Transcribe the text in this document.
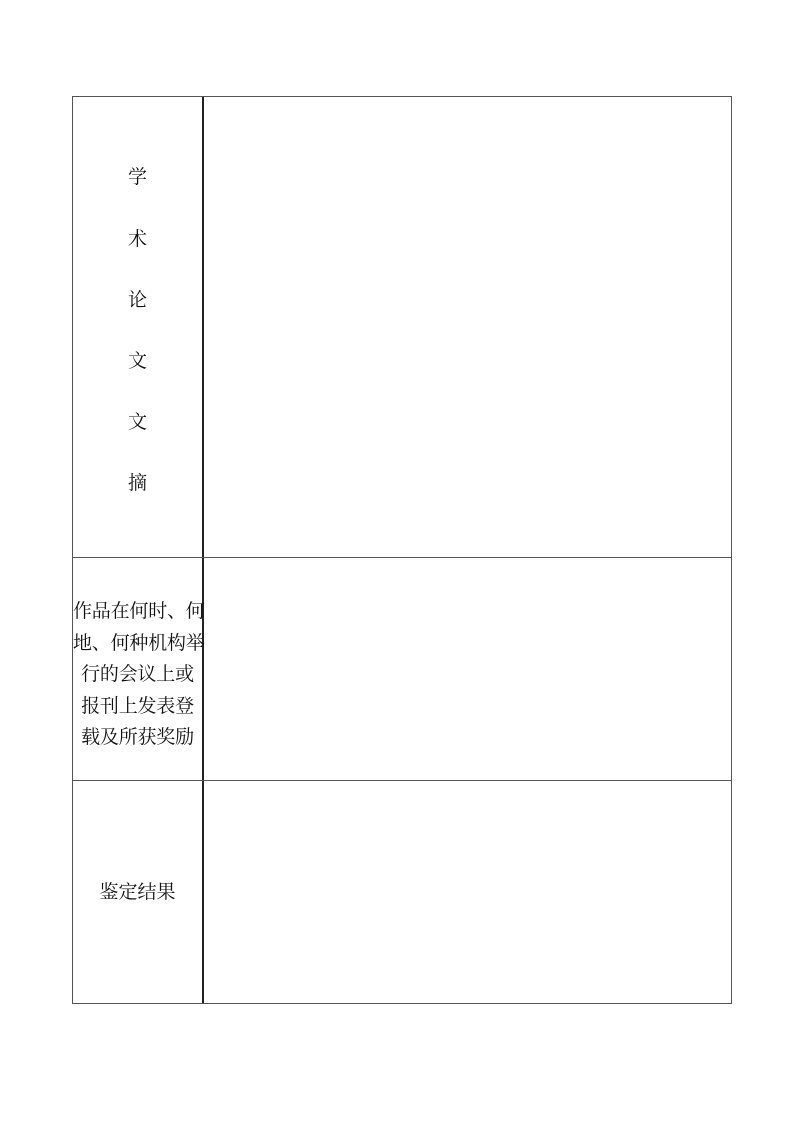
学
术
论
文
文
摘
作品在何时、何
地、何种机构举
行的会议上或
报刊上发表登
载及所获奖励
鉴定结果
